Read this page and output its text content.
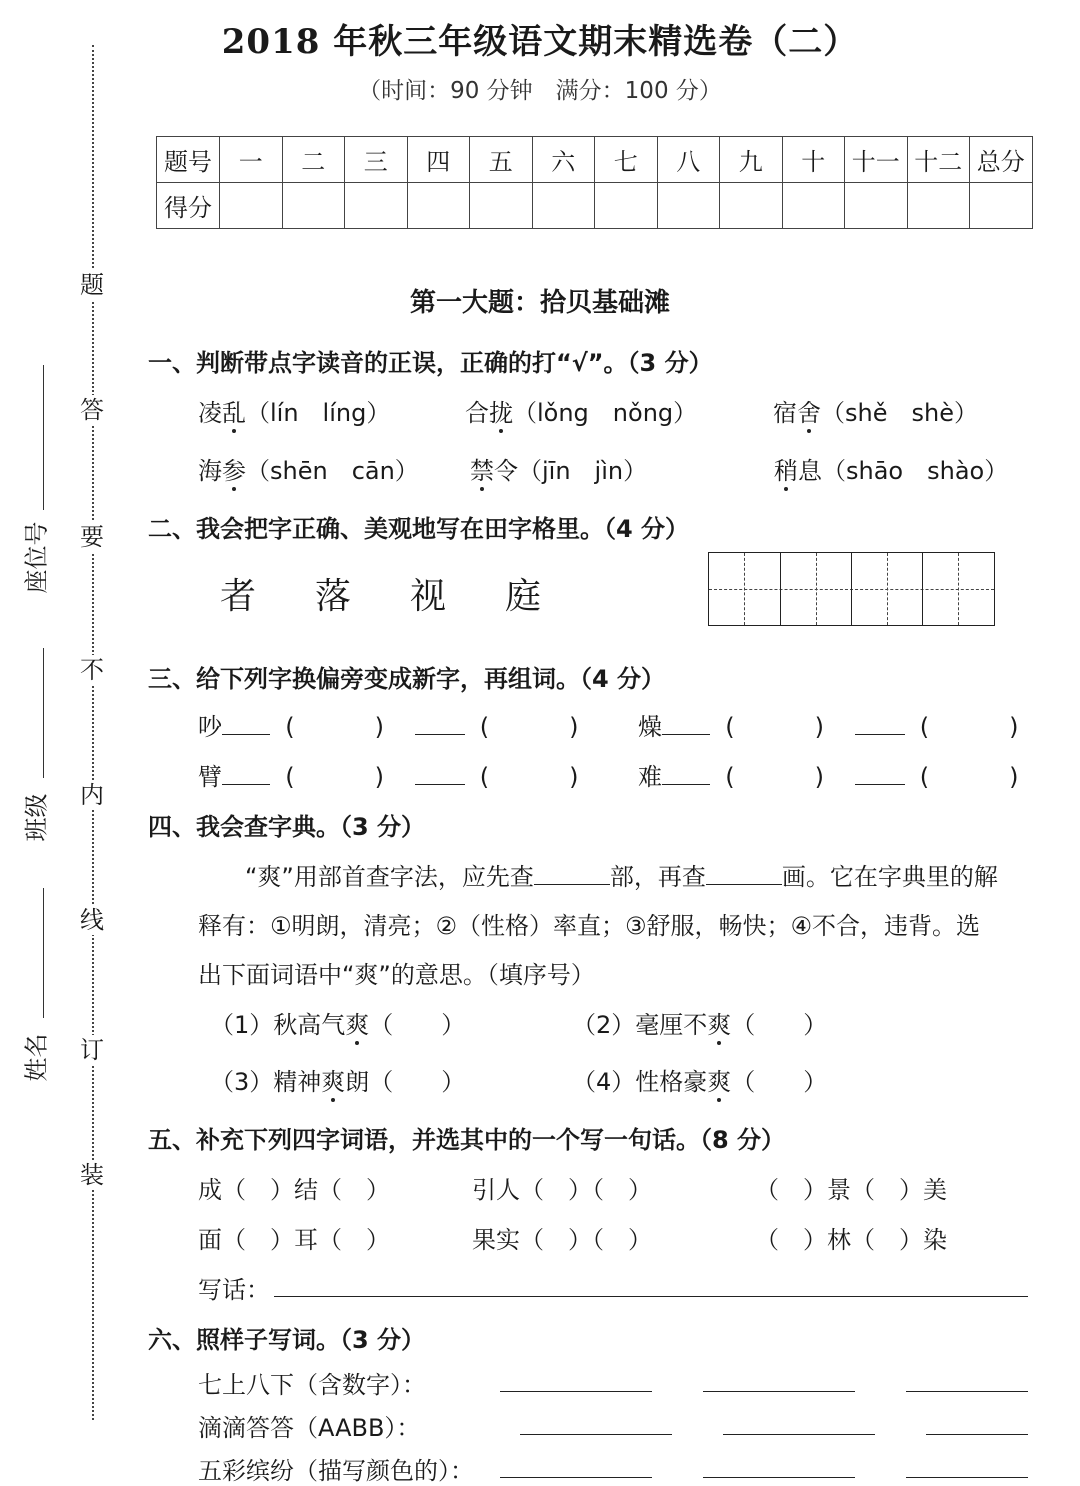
题
答
要
不
内
线
订
装
座位号
班级
姓名
2018 年秋三年级语文期末精选卷（二）
（时间：90 分钟　满分：100 分）
题号	一	二	三	四	五	六	七	八	九	十	十一	十二	总分
得分													
第一大题：拾贝基础滩
一、判断带点字读音的正误，正确的打“√”。（3 分）
凌乱（lín　líng）	合拢（lǒng　nǒng）	宿舍（shě　shè）
海参（shēn　cān） 禁令（jīn　jìn）	稍息（shāo　shào）
二、我会把字正确、美观地写在田字格里。（4 分）
者 落 视 庭
三、给下列字换偏旁变成新字，再组词。（4 分）
吵  (	)      (	) 燥  (	)      (	)
臂  (	)      (	) 难  (	)      (	)
四、我会查字典。（3 分）
“爽”用部首查字法，应先查	部，再查	画。它在字典里的解
释有：①明朗，清亮；②（性格）率直；③舒服，畅快；④不合，违背。选
出下面词语中“爽”的意思。（填序号）
（1）秋高气爽（　　）	（2）毫厘不爽（　　）
（3）精神爽朗（　　）	（4）性格豪爽（　　）
五、补充下列四字词语，并选其中的一个写一句话。（8 分）
成（　）结（　）	引人（　）（　）	（　）景（　）美
面（　）耳（　）	果实（　）（　）	（　）林（　）染
写话：
六、照样子写词。（3 分）
七上八下（含数字）：
滴滴答答（AABB）：
五彩缤纷（描写颜色的）：
